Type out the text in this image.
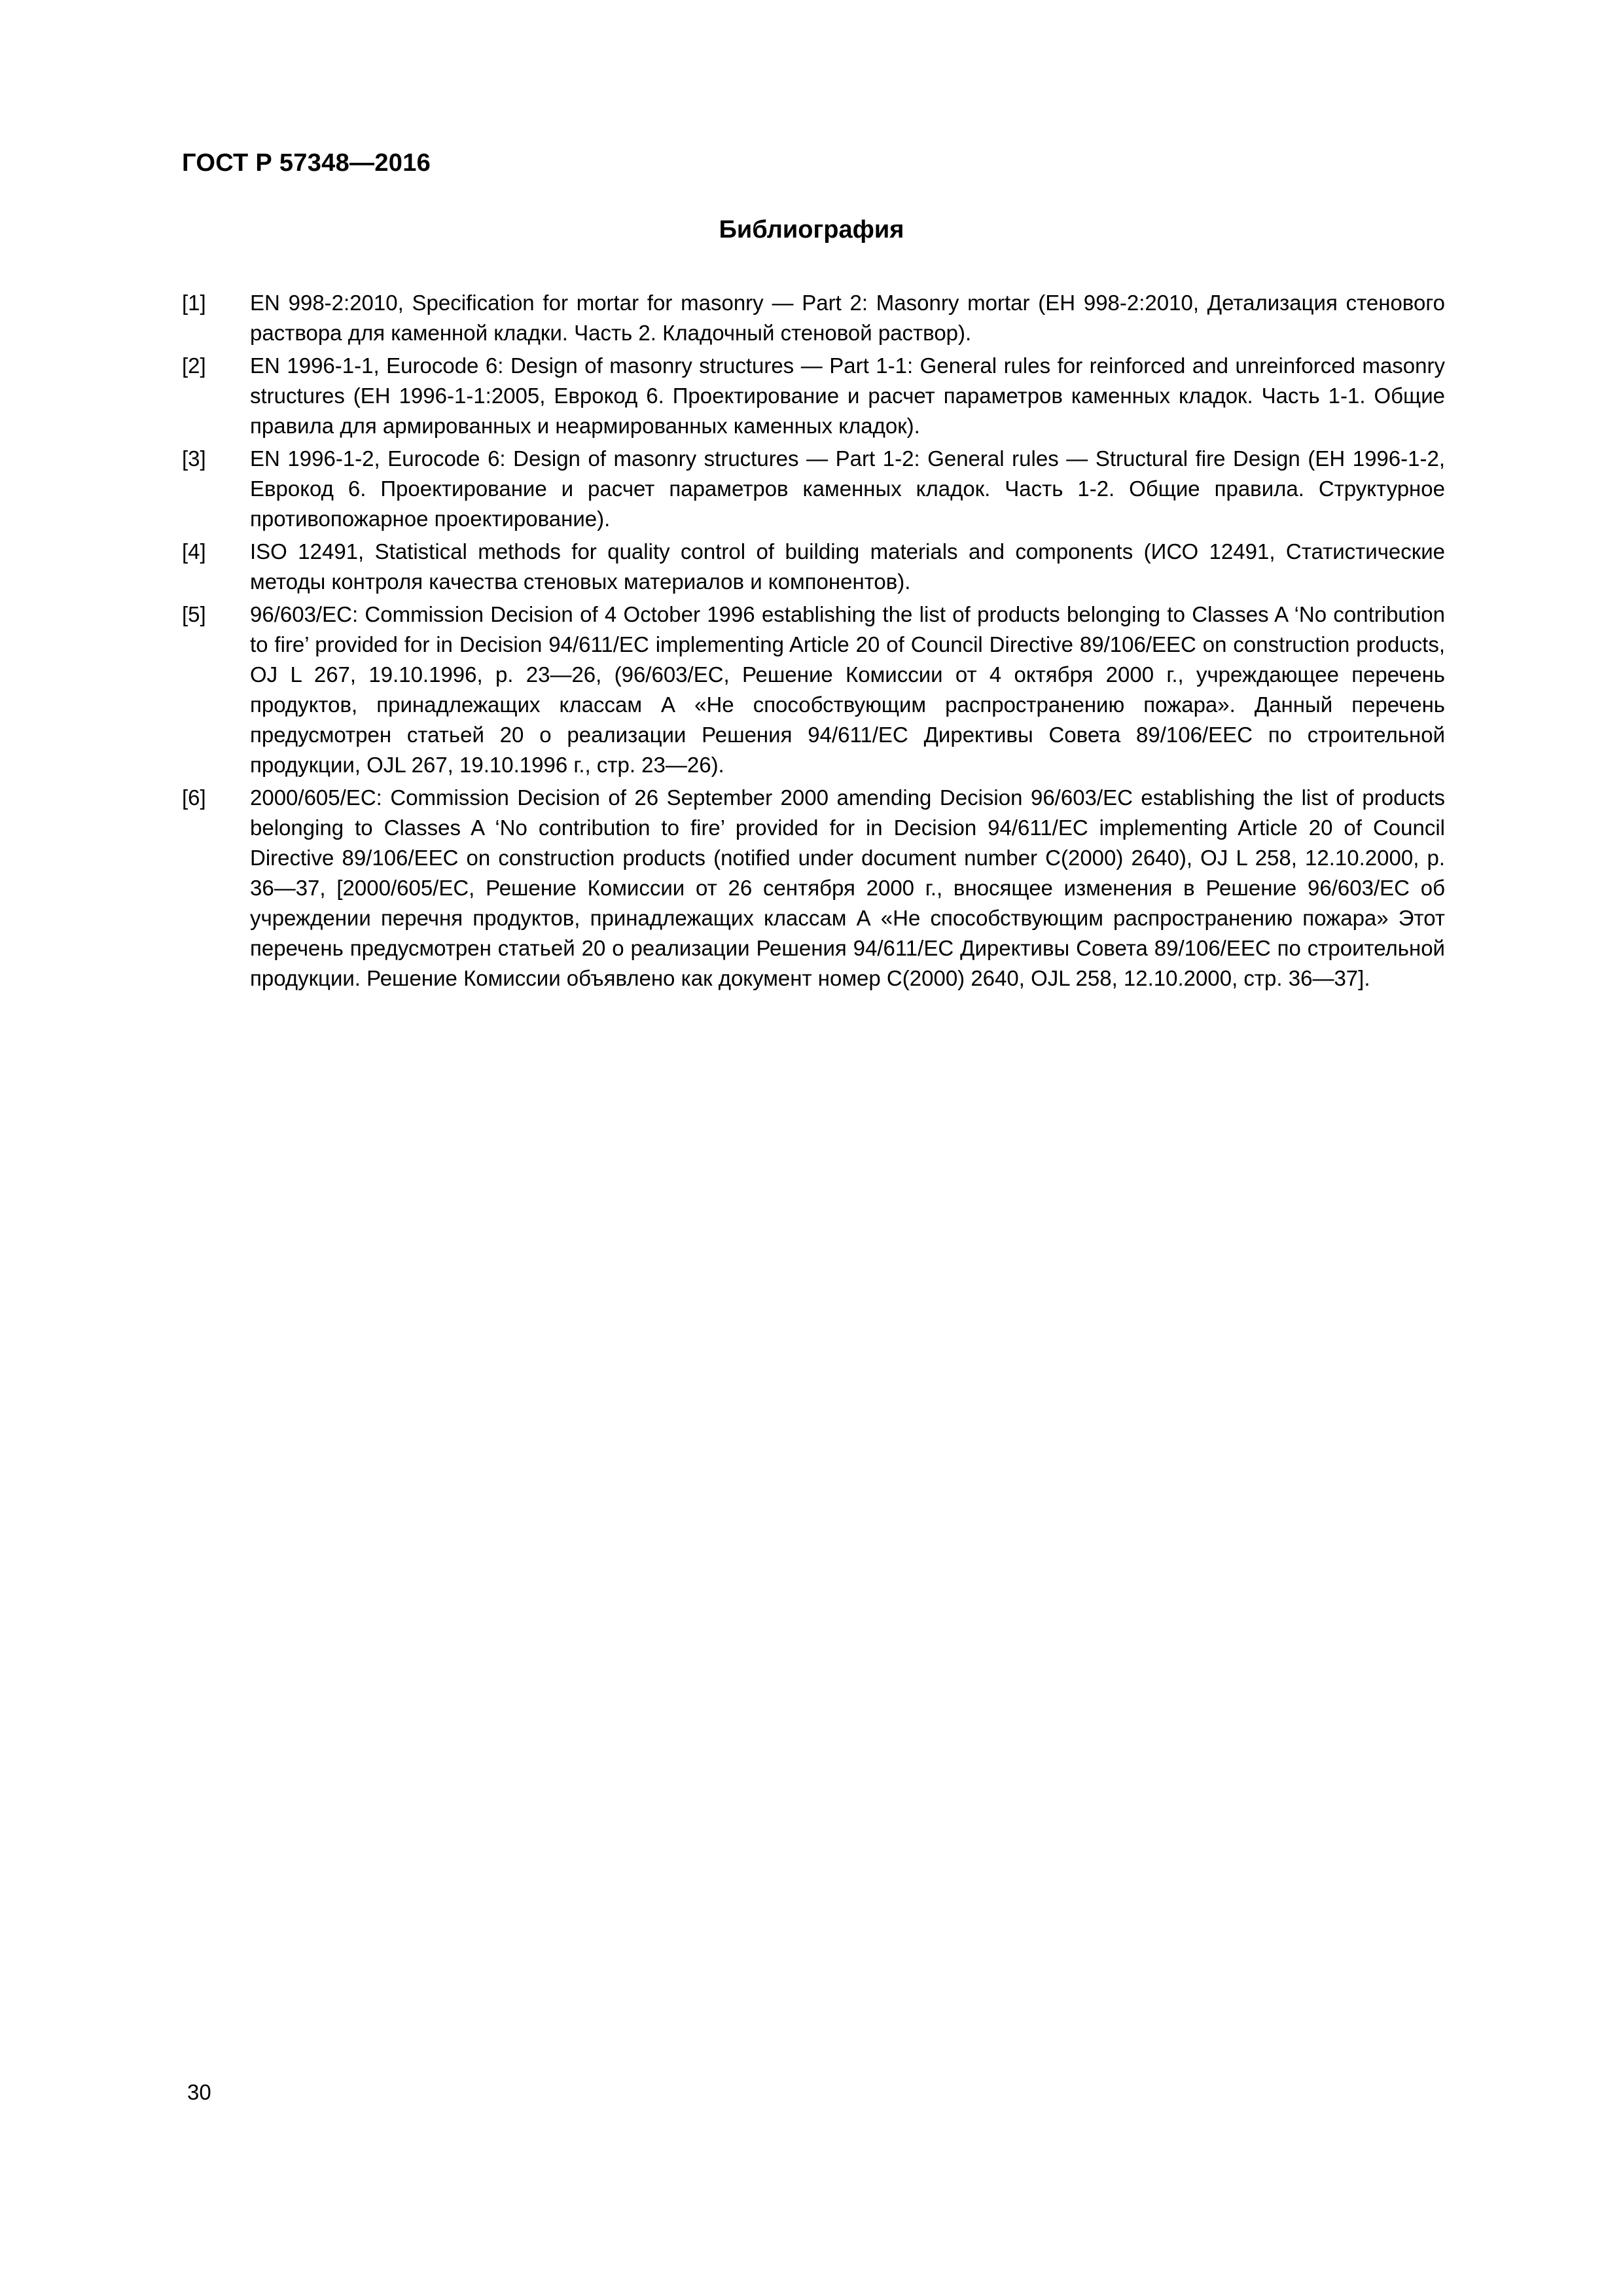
ГОСТ Р 57348—2016
Библиография
[1]	EN 998-2:2010, Specification for mortar for masonry — Part 2: Masonry mortar (ЕН 998-2:2010, Детализация стенового раствора для каменной кладки. Часть 2. Кладочный стеновой раствор).
[2]	EN 1996-1-1, Eurocode 6: Design of masonry structures — Part 1-1: General rules for reinforced and unreinforced masonry structures (ЕН 1996-1-1:2005, Еврокод 6. Проектирование и расчет параметров каменных кладок. Часть 1-1. Общие правила для армированных и неармированных каменных кладок).
[3]	EN 1996-1-2, Eurocode 6: Design of masonry structures — Part 1-2: General rules — Structural fire Design (ЕН 1996-1-2, Еврокод 6. Проектирование и расчет параметров каменных кладок. Часть 1-2. Общие правила. Структурное противопожарное проектирование).
[4]	ISO 12491, Statistical methods for quality control of building materials and components (ИСО 12491, Статистические методы контроля качества стеновых материалов и компонентов).
[5]	96/603/ЕС: Commission Decision of 4 October 1996 establishing the list of products belonging to Classes A ‘No contribution to fire’ provided for in Decision 94/611/ЕС implementing Article 20 of Council Directive 89/106/EEC on construction products, OJ L 267, 19.10.1996, p. 23—26, (96/603/ЕС, Решение Комиссии от 4 октября 2000 г., учреждающее перечень продуктов, принадлежащих классам А «Не способствующим распространению пожара». Данный перечень предусмотрен статьей 20 о реализации Решения 94/611/ЕС Директивы Совета 89/106/ЕЕС по строительной продукции, OJL 267, 19.10.1996 г., стр. 23—26).
[6]	2000/605/ЕС: Commission Decision of 26 September 2000 amending Decision 96/603/ЕС establishing the list of products belonging to Classes A ‘No contribution to fire’ provided for in Decision 94/611/ЕС implementing Article 20 of Council Directive 89/106/EEC on construction products (notified under document number C(2000) 2640), OJ L 258, 12.10.2000, p. 36—37, [2000/605/ЕС, Решение Комиссии от 26 сентября 2000 г., вносящее изменения в Решение 96/603/ЕС об учреждении перечня продуктов, принадлежащих классам А «Не способствующим распространению пожара» Этот перечень предусмотрен статьей 20 о реализации Решения 94/611/ЕС Директивы Совета 89/106/ЕЕС по строительной продукции. Решение Комиссии объявлено как документ номер C(2000) 2640, OJL 258, 12.10.2000, стр. 36—37].
30
